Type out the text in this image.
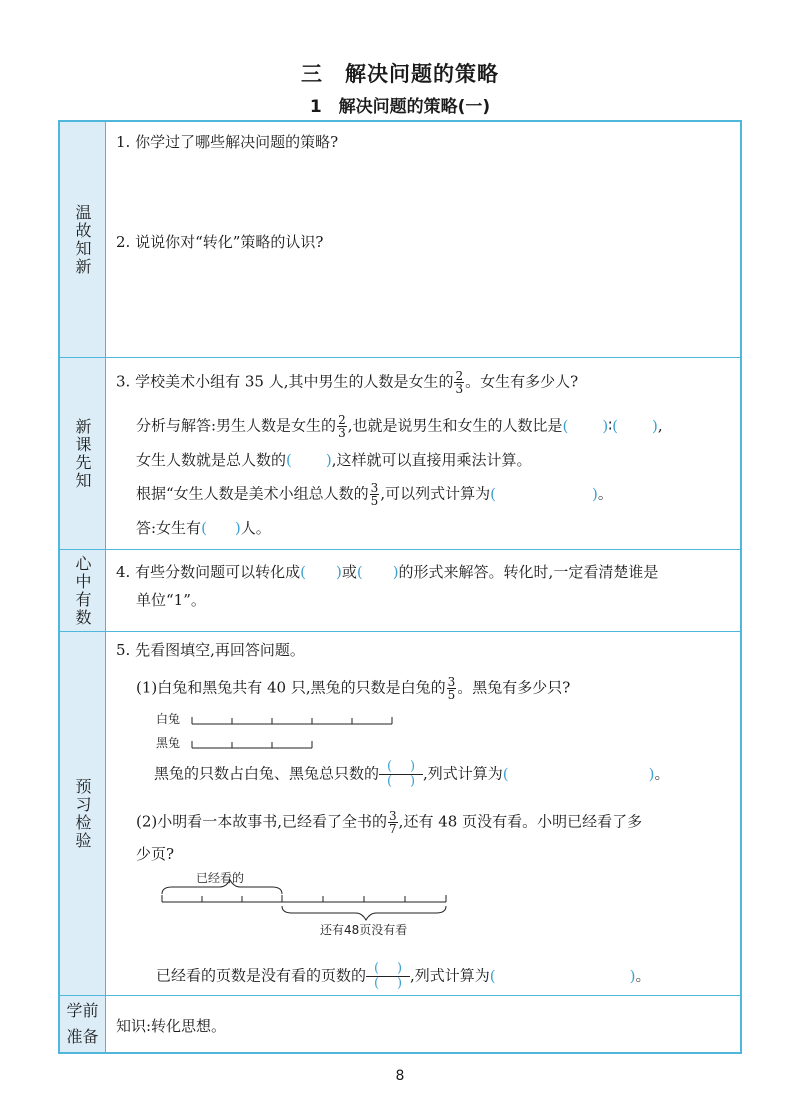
三　解决问题的策略
1　解决问题的策略(一)
温故知新
1. 你学过了哪些解决问题的策略?
2. 说说你对“转化”策略的认识?
新课先知
3. 学校美术小组有 35 人,其中男生的人数是女生的 $\frac{2}{3}$ 。女生有多少人?
分析与解答:男生人数是女生的 $\frac{2}{3}$ ,也就是说男生和女生的人数比是( )∶( ),
女生人数就是总人数的( ),这样就可以直接用乘法计算。
根据“女生人数是美术小组总人数的 $\frac{3}{5}$ ,可以列式计算为(	)。
答:女生有( )人。
心中有数 4. 有些分数问题可以转化成( )或( )的形式来解答。转化时,一定看清楚谁是
单位“1”。
预习检验
5. 先看图填空,再回答问题。
(1)白兔和黑兔共有 40 只,黑兔的只数是白兔的 $\frac{3}{5}$ 。黑兔有多少只?
白兔
黑兔
黑兔的只数占白兔、黑兔总只数的 ( )
( ) ,列式计算为(	)。
(2)小明看一本故事书,已经看了全书的 $\frac{3}{7}$ ,还有 48 页没有看。小明已经看了多
少页?
已经看的
还有48页没有看
已经看的页数是没有看的页数的 ( )
( ) ,列式计算为(	)。
学前准备
知识:转化思想。
8
